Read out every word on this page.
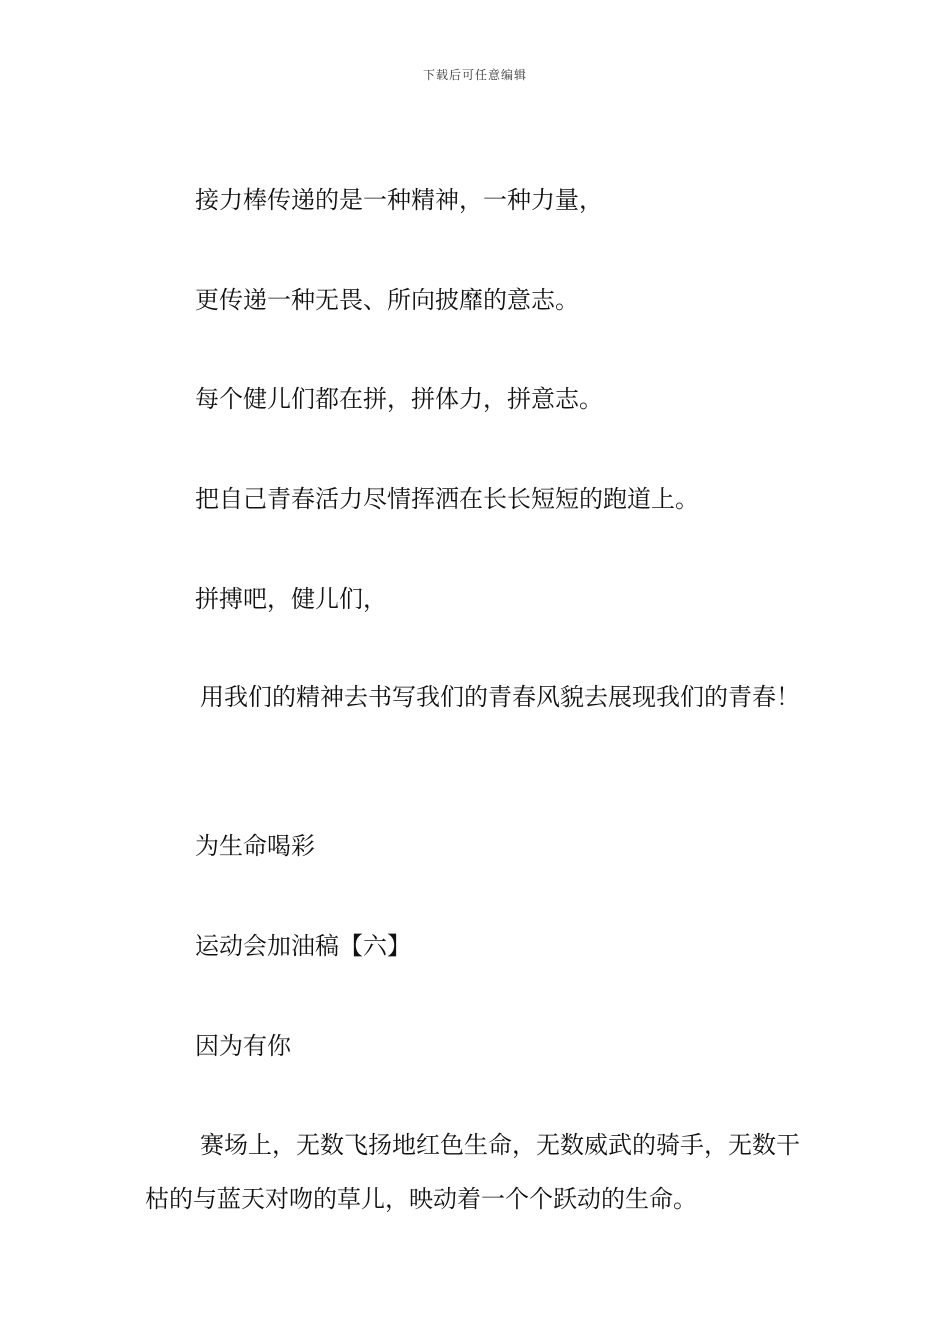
下载后可任意编辑
接力棒传递的是一种精神，一种力量，
更传递一种无畏、所向披靡的意志。
每个健儿们都在拼，拼体力，拼意志。
把自己青春活力尽情挥洒在长长短短的跑道上。
拼搏吧，健儿们，
用我们的精神去书写我们的青春风貌去展现我们的青春！
为生命喝彩
运动会加油稿【六】
因为有你
赛场上，无数飞扬地红色生命，无数威武的骑手，无数干枯的与蓝天对吻的草儿，映动着一个个跃动的生命。
